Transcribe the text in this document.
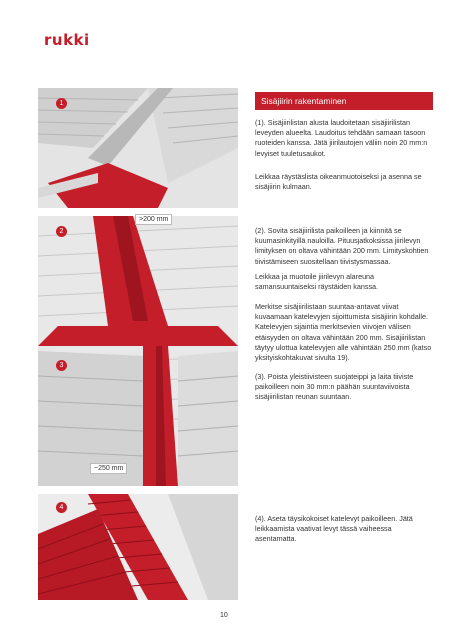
rukki
1
2
3
>200 mm
~250 mm
4
Sisäjiirin rakentaminen

(1). Sisäjiirilistan alusta laudoitetaan sisäjiirilistan leveyden alueelta. Laudoitus tehdään samaan tasoon ruoteiden kanssa. Jätä jiirilautojen väliin noin 20 mm:n levyiset tuuletusaukot.

Leikkaa räystäslista oikeanmuotoiseksi ja asenna se sisäjiirin kulmaan.

(2). Sovita sisäjiirilista paikoilleen ja kiinnitä se kuumasinkityillä nauloilla. Pituusjatkoksissa jiirilevyn limityksen on oltava vähintään 200 mm. Limityskohtien tiivistämiseen suositellaan tiivistysmassaa.

Leikkaa ja muotoile jiirilevyn alareuna samansuuntaiseksi räystäiden kanssa.

Merkitse sisäjiirilistaan suuntaa-antavat viivat kuvaamaan katelevyjen sijoittumista sisäjiirin kohdalle. Katelevyjen sijaintia merkitsevien viivojen välisen etäisyyden on oltava vähintään 200 mm. Sisäjiirilistan täytyy ulottua katelevyjen alle vähintään 250 mm (katso yksityiskohtakuvat sivulta 19).

(3). Poista yleistiivisteen suojateippi ja laita tiiviste paikoilleen noin 30 mm:n päähän suuntaviivoista sisäjiirilistan reunan suuntaan.

(4). Aseta täysikokoiset katelevyt paikoilleen. Jätä leikkaamista vaativat levyt tässä vaiheessa asentamatta.

10
